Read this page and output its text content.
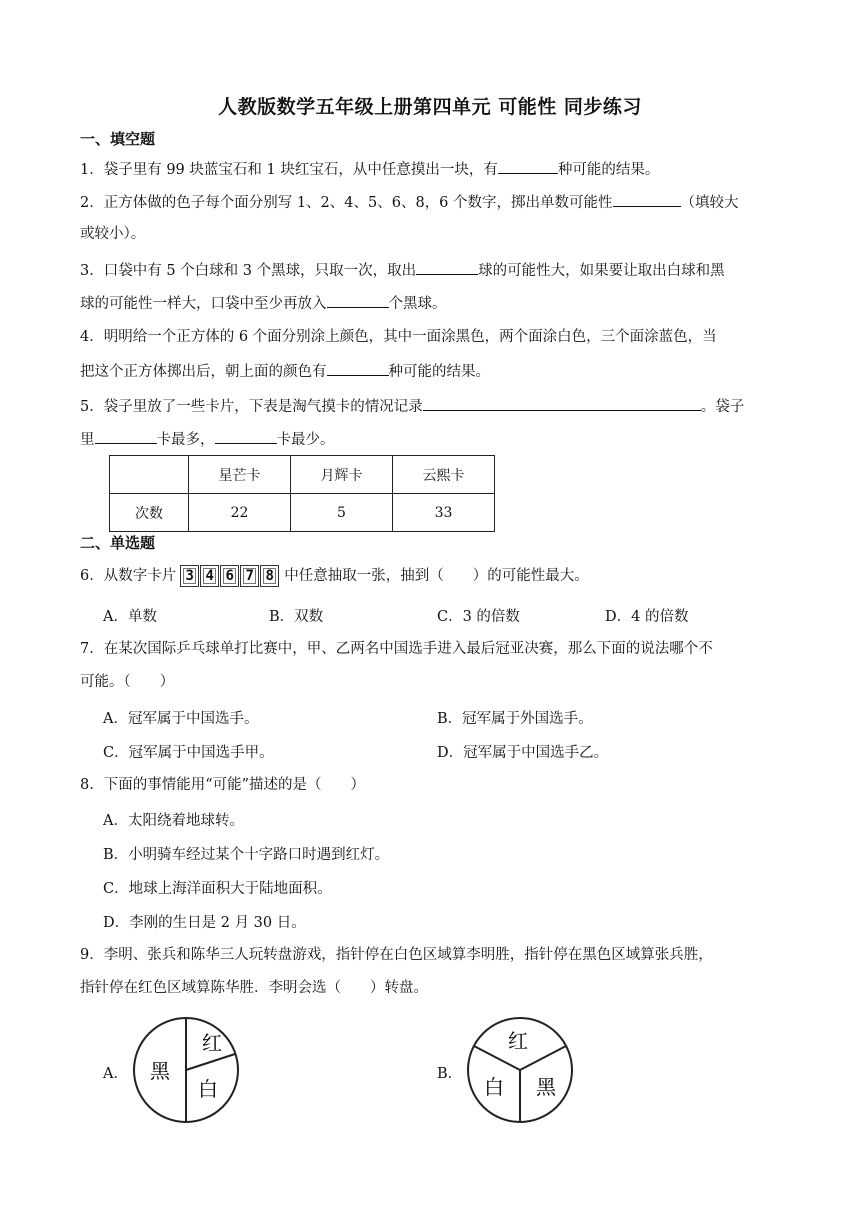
人教版数学五年级上册第四单元 可能性 同步练习
一、填空题
1．袋子里有 99 块蓝宝石和 1 块红宝石，从中任意摸出一块，有	种可能的结果。
2．正方体做的色子每个面分别写 1、2、4、5、6、8，6 个数字，掷出单数可能性	（填较大
或较小）。
3．口袋中有 5 个白球和 3 个黑球，只取一次，取出	球的可能性大，如果要让取出白球和黑
球的可能性一样大，口袋中至少再放入	个黑球。
4．明明给一个正方体的 6 个面分别涂上颜色，其中一面涂黑色，两个面涂白色，三个面涂蓝色，当
把这个正方体掷出后，朝上面的颜色有	种可能的结果。
5．袋子里放了一些卡片，下表是淘气摸卡的情况记录	。袋子
里	卡最多，	卡最少。
	星芒卡	月辉卡	云熙卡
次数	22	5	33
二、单选题
6．从数字卡片 3 4 6 7 8 中任意抽取一张，抽到（　　）的可能性最大。
A．单数	B．双数	C．3 的倍数	D．4 的倍数
7．在某次国际乒乓球单打比赛中，甲、乙两名中国选手进入最后冠亚决赛，那么下面的说法哪个不
可能。（　　）
A．冠军属于中国选手。	B．冠军属于外国选手。
C．冠军属于中国选手甲。	D．冠军属于中国选手乙。
8．下面的事情能用“可能”描述的是（　　）
A．太阳绕着地球转。
B．小明骑车经过某个十字路口时遇到红灯。
C．地球上海洋面积大于陆地面积。
D．李刚的生日是 2 月 30 日。
9．李明、张兵和陈华三人玩转盘游戏，指针停在白色区域算李明胜，指针停在黑色区域算张兵胜，
指针停在红色区域算陈华胜．李明会选（　　）转盘。
A．
红
黑
白
B．
红
白 黑
